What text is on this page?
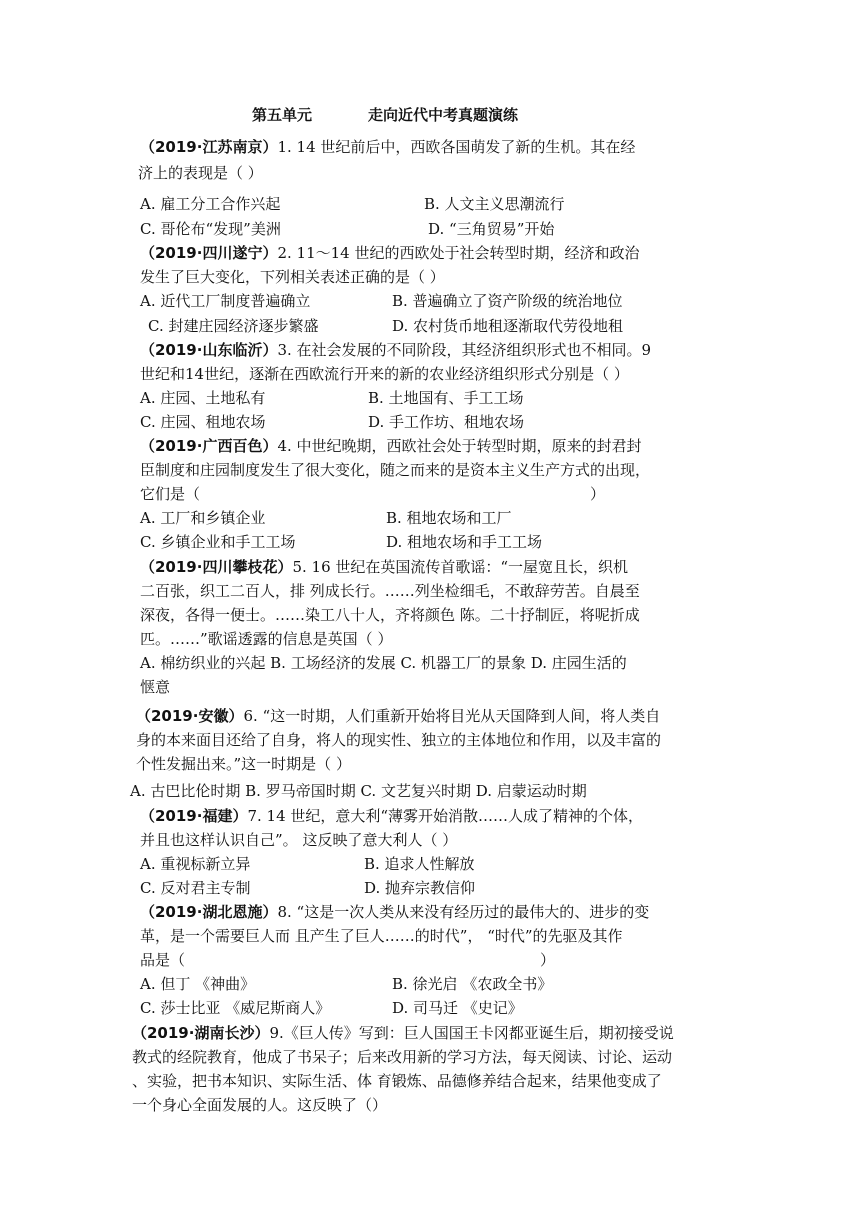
第五单元	走向近代中考真题演练
（2019·江苏南京）1. 14 世纪前后中，西欧各国萌发了新的生机。其在经
济上的表现是（ ）
A. 雇工分工合作兴起	B. 人文主义思潮流行
C. 哥伦布“发现”美洲	D. “三角贸易”开始
（2019·四川遂宁）2. 11～14 世纪的西欧处于社会转型时期，经济和政治
发生了巨大变化，下列相关表述正确的是（ ）
A. 近代工厂制度普遍确立	B. 普遍确立了资产阶级的统治地位
C. 封建庄园经济逐步繁盛	D. 农村货币地租逐渐取代劳役地租
（2019·山东临沂）3. 在社会发展的不同阶段，其经济组织形式也不相同。9
世纪和14世纪，逐渐在西欧流行开来的新的农业经济组织形式分别是（ ）
A. 庄园、土地私有	B. 土地国有、手工工场
C. 庄园、租地农场	D. 手工作坊、租地农场
（2019·广西百色）4. 中世纪晚期，西欧社会处于转型时期，原来的封君封
臣制度和庄园制度发生了很大变化，随之而来的是资本主义生产方式的出现，
它们是（	）
A. 工厂和乡镇企业	B. 租地农场和工厂
C. 乡镇企业和手工工场	D. 租地农场和手工工场
（2019·四川攀枝花）5. 16 世纪在英国流传首歌谣：“一屋宽且长，织机
二百张，织工二百人，排 列成长行。……列坐检细毛，不敢辞劳苦。自晨至
深夜，各得一便士。……染工八十人，齐将颜色 陈。二十抒制匠，将呢折成
匹。……”歌谣透露的信息是英国（ ）
A. 棉纺织业的兴起 B. 工场经济的发展 C. 机器工厂的景象 D. 庄园生活的
惬意
（2019·安徽）6. “这一时期，人们重新开始将目光从天国降到人间，将人类自
身的本来面目还给了自身，将人的现实性、独立的主体地位和作用，以及丰富的
个性发掘出来。”这一时期是（ ）
A. 古巴比伦时期 B. 罗马帝国时期 C. 文艺复兴时期 D. 启蒙运动时期
（2019·福建）7. 14 世纪，意大利“薄雾开始消散……人成了精神的个体，
并且也这样认识自己”。 这反映了意大利人（ ）
A. 重视标新立异	B. 追求人性解放
C. 反对君主专制	D. 抛弃宗教信仰
（2019·湖北恩施）8. “这是一次人类从来没有经历过的最伟大的、进步的变
革，是一个需要巨人而 且产生了巨人……的时代”， “时代”的先驱及其作
品是（	）
A. 但丁 《神曲》	B. 徐光启 《农政全书》
C. 莎士比亚 《威尼斯商人》	D. 司马迁 《史记》
（2019·湖南长沙）9.《巨人传》写到：巨人国国王卡冈都亚诞生后，期初接受说
教式的经院教育，他成了书呆子；后来改用新的学习方法，每天阅读、讨论、运动
、实验，把书本知识、实际生活、体 育锻炼、品德修养结合起来，结果他变成了
一个身心全面发展的人。这反映了（）
